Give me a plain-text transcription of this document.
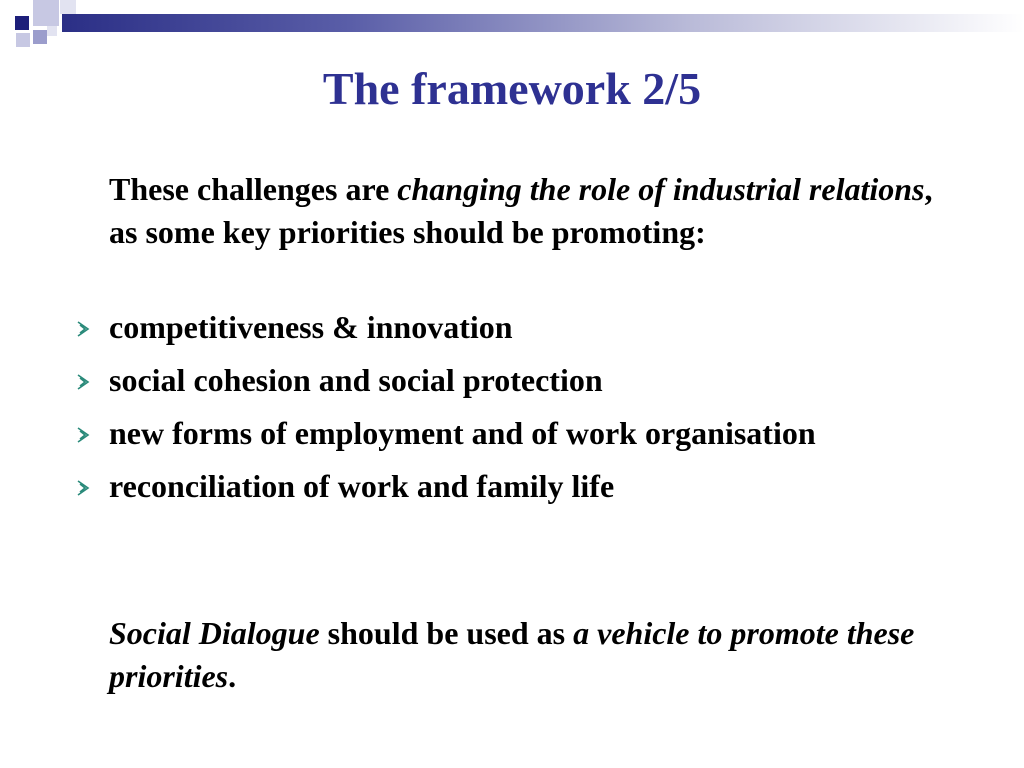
The framework 2/5

These challenges are changing the role of industrial relations, as some key priorities should be promoting:

competitiveness & innovation
social cohesion and social protection
new forms of employment and of work organisation
reconciliation of work and family life

Social Dialogue should be used as a vehicle to promote these priorities.
